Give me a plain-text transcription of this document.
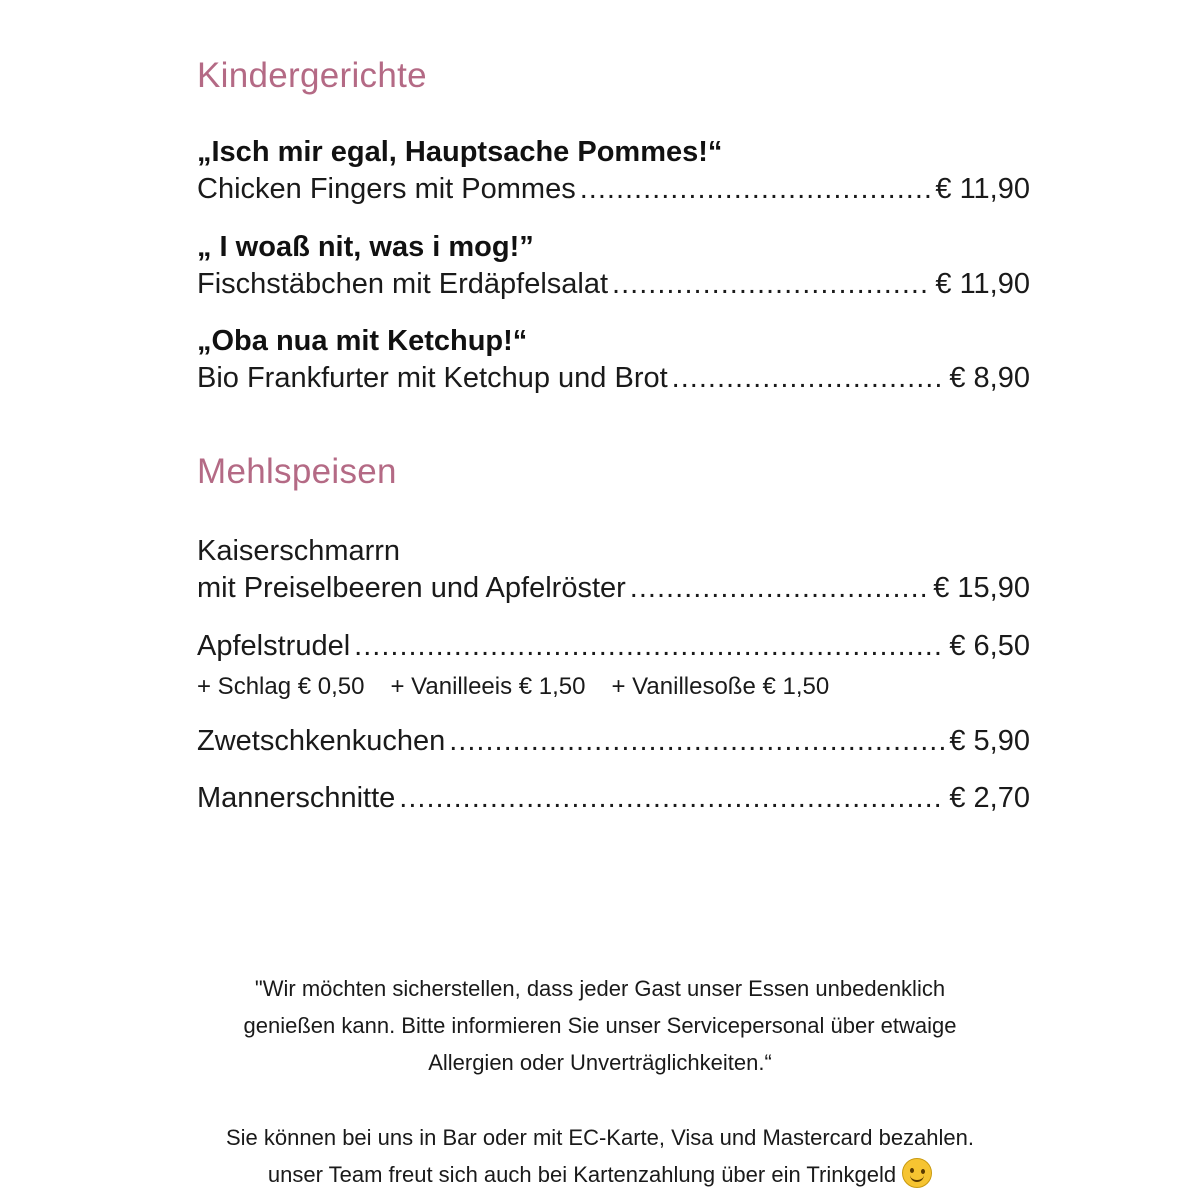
Kindergerichte
„Isch mir egal, Hauptsache Pommes!“
Chicken Fingers mit Pommes .....	€ 11,90
„ I woaß nit, was i mog!”
Fischstäbchen mit Erdäpfelsalat .....	€ 11,90
„Oba nua mit Ketchup!“
Bio Frankfurter mit Ketchup und Brot .....	€ 8,90
Mehlspeisen
Kaiserschmarrn
mit Preiselbeeren und Apfelröster .....	€ 15,90
Apfelstrudel .....	€ 6,50
+ Schlag € 0,50 + Vanilleeis € 1,50 + Vanillesoße € 1,50
Zwetschkenkuchen .....	€ 5,90
Mannerschnitte .....	€ 2,70
"Wir möchten sicherstellen, dass jeder Gast unser Essen unbedenklich
genießen kann. Bitte informieren Sie unser Servicepersonal über etwaige
Allergien oder Unverträglichkeiten.“
Sie können bei uns in Bar oder mit EC-Karte, Visa und Mastercard bezahlen.
unser Team freut sich auch bei Kartenzahlung über ein Trinkgeld
